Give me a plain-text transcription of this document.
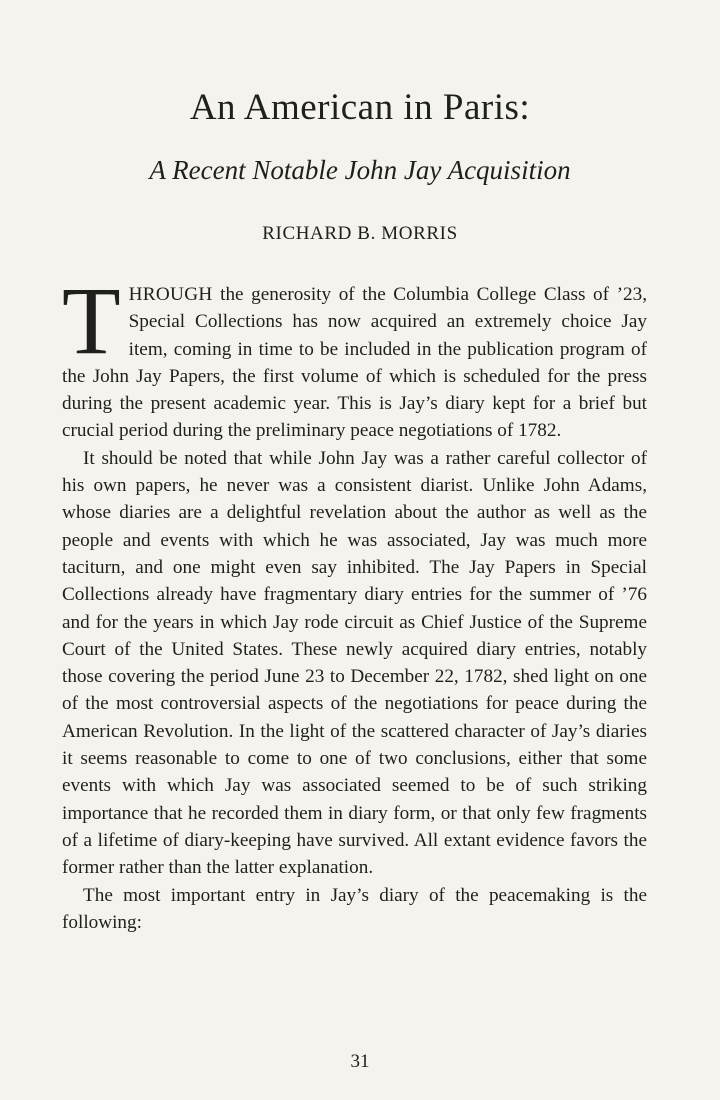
An American in Paris:
A Recent Notable John Jay Acquisition
RICHARD B. MORRIS

THROUGH the generosity of the Columbia College Class of ’23, Special Collections has now acquired an extremely choice Jay item, coming in time to be included in the publication program of the John Jay Papers, the first volume of which is scheduled for the press during the present academic year. This is Jay’s diary kept for a brief but crucial period during the preliminary peace negotiations of 1782.

It should be noted that while John Jay was a rather careful collector of his own papers, he never was a consistent diarist. Unlike John Adams, whose diaries are a delightful revelation about the author as well as the people and events with which he was associated, Jay was much more taciturn, and one might even say inhibited. The Jay Papers in Special Collections already have fragmentary diary entries for the summer of ’76 and for the years in which Jay rode circuit as Chief Justice of the Supreme Court of the United States. These newly acquired diary entries, notably those covering the period June 23 to December 22, 1782, shed light on one of the most controversial aspects of the negotiations for peace during the American Revolution. In the light of the scattered character of Jay’s diaries it seems reasonable to come to one of two conclusions, either that some events with which Jay was associated seemed to be of such striking importance that he recorded them in diary form, or that only few fragments of a lifetime of diary-keeping have survived. All extant evidence favors the former rather than the latter explanation.

The most important entry in Jay’s diary of the peacemaking is the following:

31
